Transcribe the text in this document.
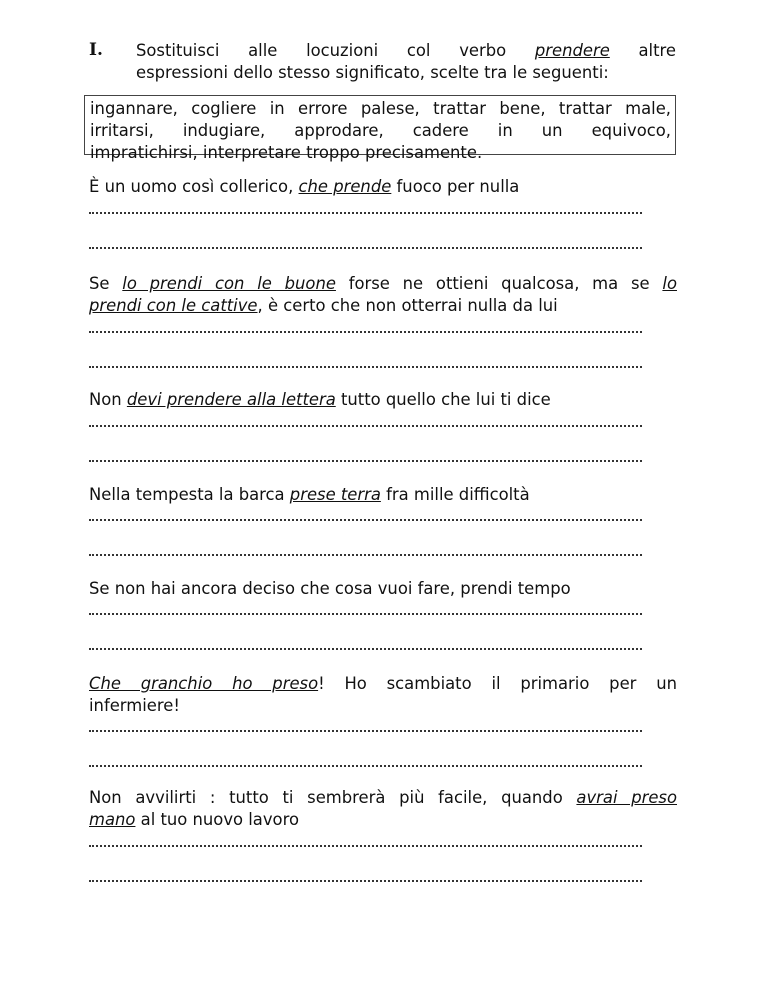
I. Sostituisci alle locuzioni col verbo prendere altre
espressioni dello stesso significato, scelte tra le seguenti:
ingannare, cogliere in errore palese, trattar bene, trattar male,
irritarsi, indugiare, approdare, cadere in un equivoco,
impratichirsi, interpretare troppo precisamente.
È un uomo così collerico, che prende fuoco per nulla
Se lo prendi con le buone forse ne ottieni qualcosa, ma se lo
prendi con le cattive, è certo che non otterrai nulla da lui
Non devi prendere alla lettera tutto quello che lui ti dice
Nella tempesta la barca prese terra fra mille difficoltà
Se non hai ancora deciso che cosa vuoi fare, prendi tempo
Che granchio ho preso! Ho scambiato il primario per un
infermiere!
Non avvilirti : tutto ti sembrerà più facile, quando avrai preso
mano al tuo nuovo lavoro
